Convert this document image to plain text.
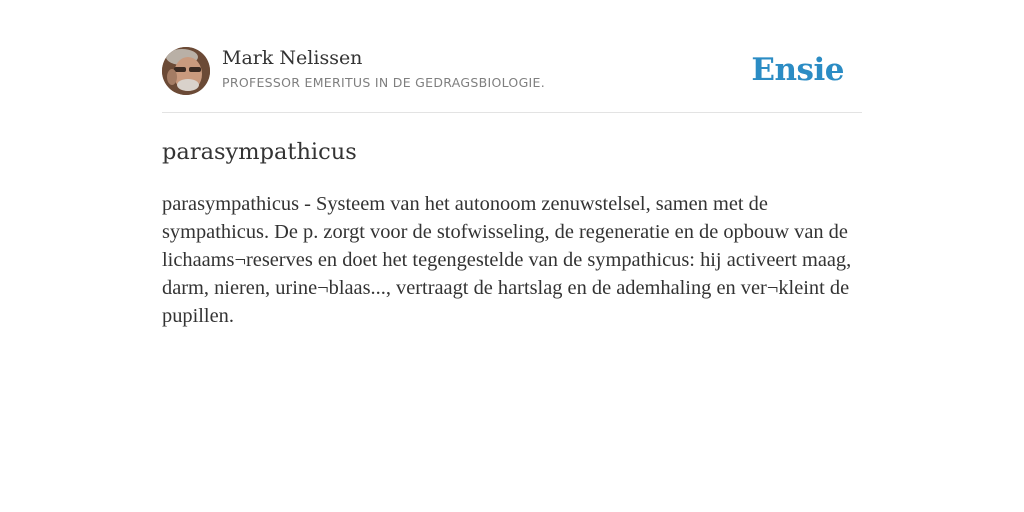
Mark Nelissen
PROFESSOR EMERITUS IN DE GEDRAGSBIOLOGIE.	Ensie
parasympathicus

parasympathicus - Systeem van het autonoom zenuwstelsel, samen met de sympathicus. De p. zorgt voor de stofwisseling, de regeneratie en de opbouw van de lichaams¬reserves en doet het tegengestelde van de sympathicus: hij activeert maag, darm, nieren, urine¬blaas..., vertraagt de hartslag en de ademhaling en ver¬kleint de pupillen.
